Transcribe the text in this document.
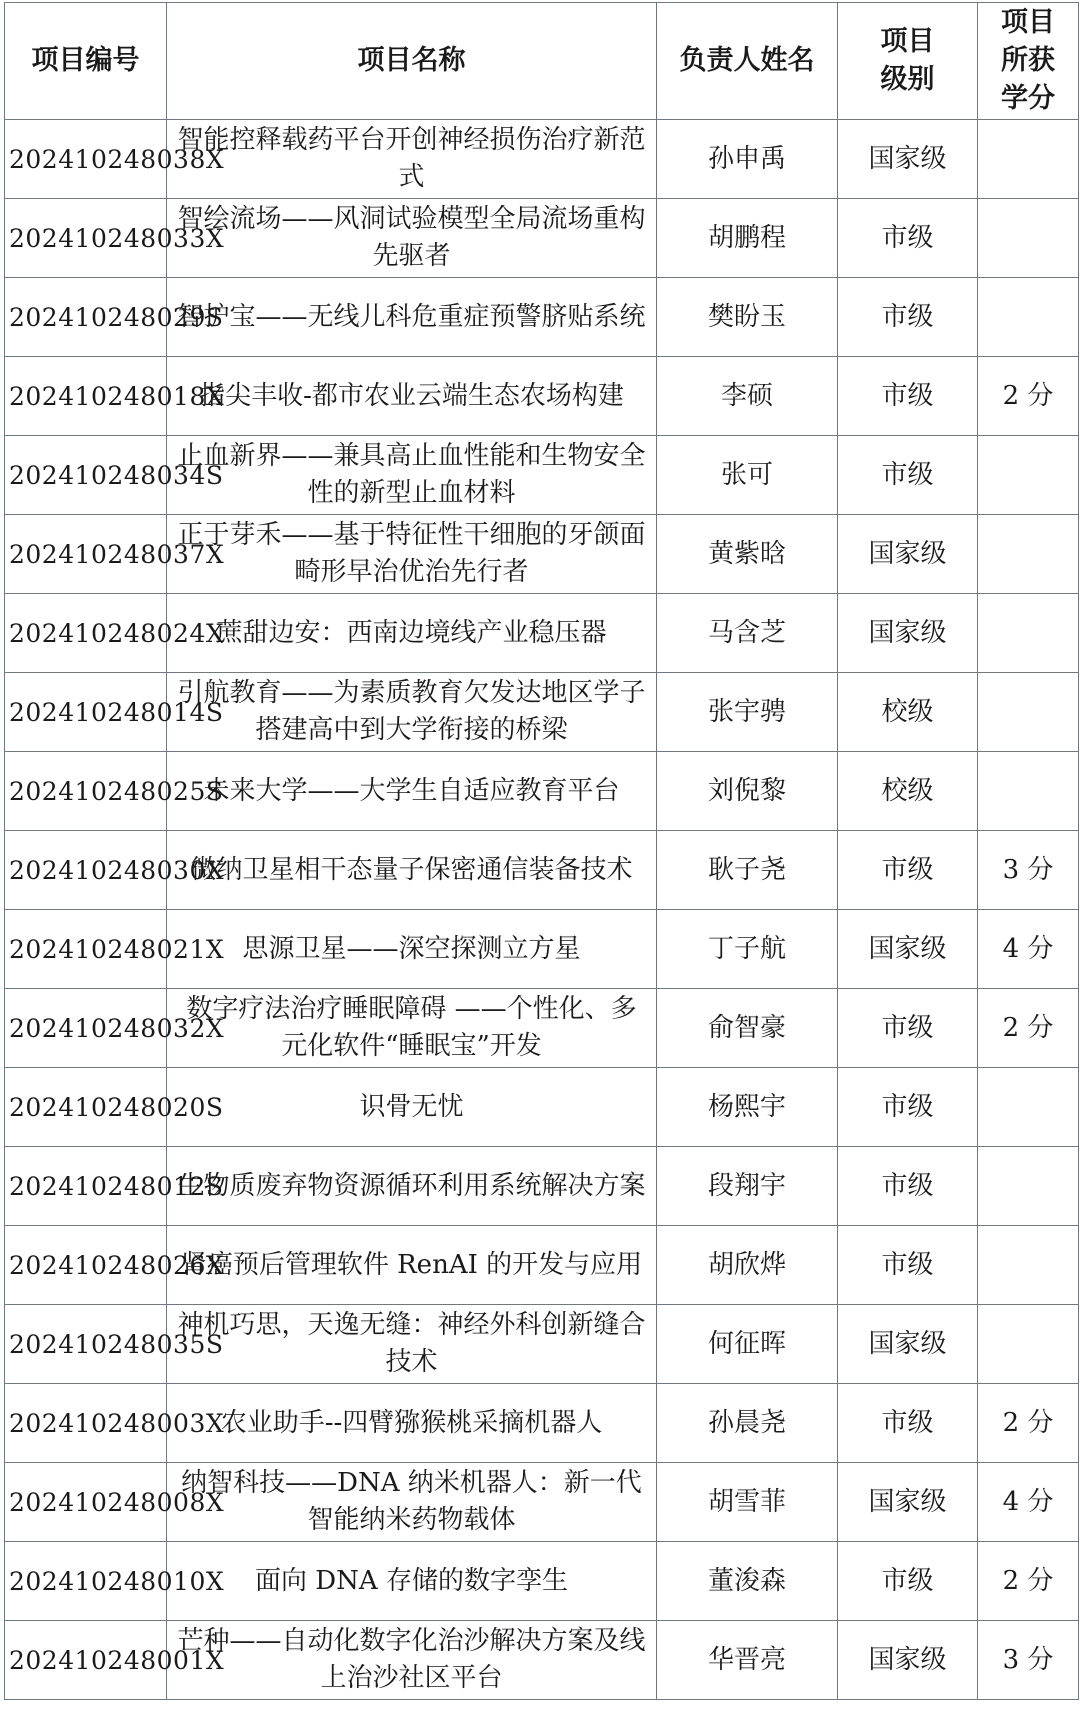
项目编号	项目名称	负责人姓名	项目级别	项目所获学分
202410248038X	智能控释载药平台开创神经损伤治疗新范式	孙申禹	国家级	
202410248033X	智绘流场——风洞试验模型全局流场重构先驱者	胡鹏程	市级	
202410248029S	智护宝——无线儿科危重症预警脐贴系统	樊盼玉	市级	
202410248018X	指尖丰收-都市农业云端生态农场构建	李硕	市级	2 分
202410248034S	止血新界——兼具高止血性能和生物安全性的新型止血材料	张可	市级	
202410248037X	正于芽禾——基于特征性干细胞的牙颌面畸形早治优治先行者	黄紫晗	国家级	
202410248024X	蔗甜边安：西南边境线产业稳压器	马含芝	国家级	
202410248014S	引航教育——为素质教育欠发达地区学子搭建高中到大学衔接的桥梁	张宇骋	校级	
202410248025S	未来大学——大学生自适应教育平台	刘倪黎	校级	
202410248030X	微纳卫星相干态量子保密通信装备技术	耿子尧	市级	3 分
202410248021X	思源卫星——深空探测立方星	丁子航	国家级	4 分
202410248032X	数字疗法治疗睡眠障碍 ——个性化、多元化软件“睡眠宝”开发	俞智豪	市级	2 分
202410248020S	识骨无忧	杨熙宇	市级	
202410248012S	生物质废弃物资源循环利用系统解决方案	段翔宇	市级	
202410248026X	肾癌预后管理软件 RenAI 的开发与应用	胡欣烨	市级	
202410248035S	神机巧思，天逸无缝：神经外科创新缝合技术	何征晖	国家级	
202410248003X	农业助手--四臂猕猴桃采摘机器人	孙晨尧	市级	2 分
202410248008X	纳智科技——DNA 纳米机器人：新一代智能纳米药物载体	胡雪菲	国家级	4 分
202410248010X	面向 DNA 存储的数字孪生	董浚森	市级	2 分
202410248001X	芒种——自动化数字化治沙解决方案及线上治沙社区平台	华晋亮	国家级	3 分
